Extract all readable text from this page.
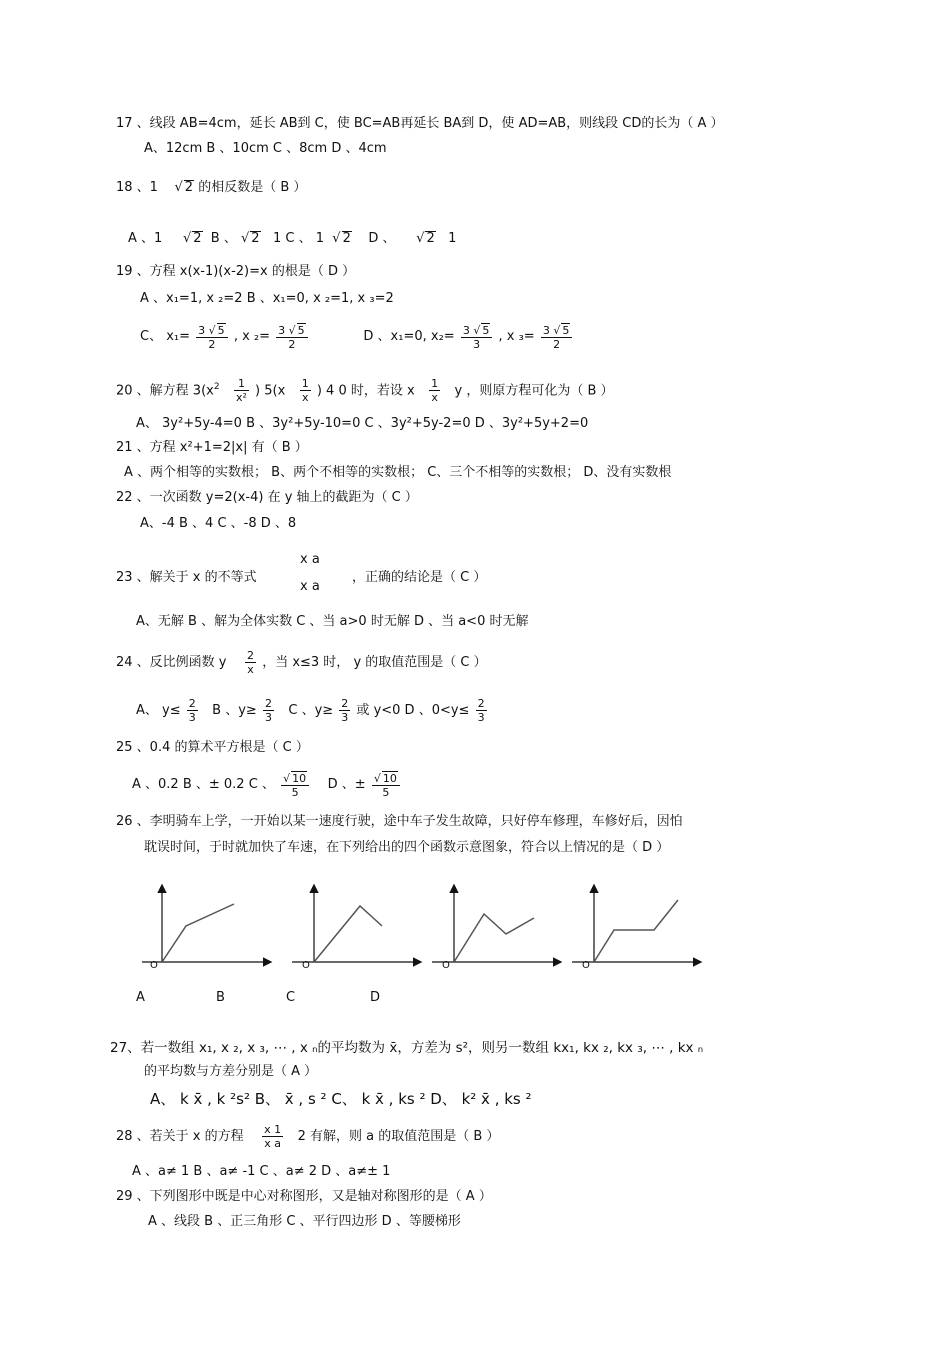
17 、线段 AB=4cm，延长 AB到 C，使 BC=AB再延长 BA到 D，使 AD=AB，则线段 CD的长为（ A ）
A、12cm B 、10cm C 、8cm D 、4cm
18 、1    √ 2 的相反数是（ B ）
A 、1     √ 2 B 、 √ 2 1 C 、 1  √ 2 D 、     √ 2 1
19 、方程 x(x-1)(x-2)=x 的根是（ D ）
A 、x₁=1, x ₂=2 B 、x₁=0, x ₂=1, x ₃=2
C、 $x_1= \frac{3 √ 5}{2}$ , x $_2= \frac{3 √ 5}{2}$	D 、x₁=0, $x_2= \frac{3 √ 5}{3}$ , x $_3= \frac{3 √ 5}{2}$
20 、解方程 $3(x^2 \frac{1}{\text{x²}}$ ) $5(x \frac{1}{x}$ ) 4 0 时，若设 x $\frac{1}{x}$ y ，则原方程可化为（ B ）
A、 3y²+5y-4=0 B 、3y²+5y-10=0 C 、3y²+5y-2=0 D 、3y²+5y+2=0
21 、方程 x²+1=2|x| 有（ B ）
A 、两个相等的实数根； B、两个不相等的实数根； C、三个不相等的实数根； D、没有实数根
22 、一次函数 y=2(x-4) 在 y 轴上的截距为（ C ）
A、-4 B 、4 C 、-8 D 、8
23 、解关于 x 的不等式
x a
x a
，正确的结论是（ C ）
A、无解 B 、解为全体实数 C 、当 a>0 时无解 D 、当 a<0 时无解
24 、反比例函数 y $\frac{2}{x}$ ，当 x≤3 时， y 的取值范围是（ C ）
A、 $y\le \frac{2}{3}$ B 、$y\ge \frac{2}{3}$ C 、$y\ge \frac{2}{3}$ 或 y<0 D 、$0<y\le \frac{2}{3}$
25 、0.4 的算术平方根是（ C ）
A 、0.2 B 、± 0.2 C 、 $\frac{√ 10}{5}$ D 、± $\frac{√ 10}{5}$
26 、李明骑车上学，一开始以某一速度行驶，途中车子发生故障，只好停车修理，车修好后，因怕
耽误时间，于时就加快了车速，在下列给出的四个函数示意图象，符合以上情况的是（ D ）
O	O	O	O
A	B	C	D
27、若一数组 x₁, x ₂, x ₃, ⋯ , x ₙ的平均数为 x̄，方差为 s²，则另一数组 kx₁, kx ₂, kx ₃, ⋯ , kx ₙ
的平均数与方差分别是（ A ）
A、 k x̄ , k ²s² B、 x̄ , s ² C、 k x̄ , ks ² D、 k² x̄ , ks ²
28 、若关于 x 的方程 $\frac{x 1}{\text{x a}} 2$ 有解，则 a 的取值范围是（ B ）
A 、a≠ 1 B 、a≠ -1 C 、a≠ 2 D 、a≠± 1
29 、下列图形中既是中心对称图形，又是轴对称图形的是（ A ）
A 、线段 B 、正三角形 C 、平行四边形 D 、等腰梯形
